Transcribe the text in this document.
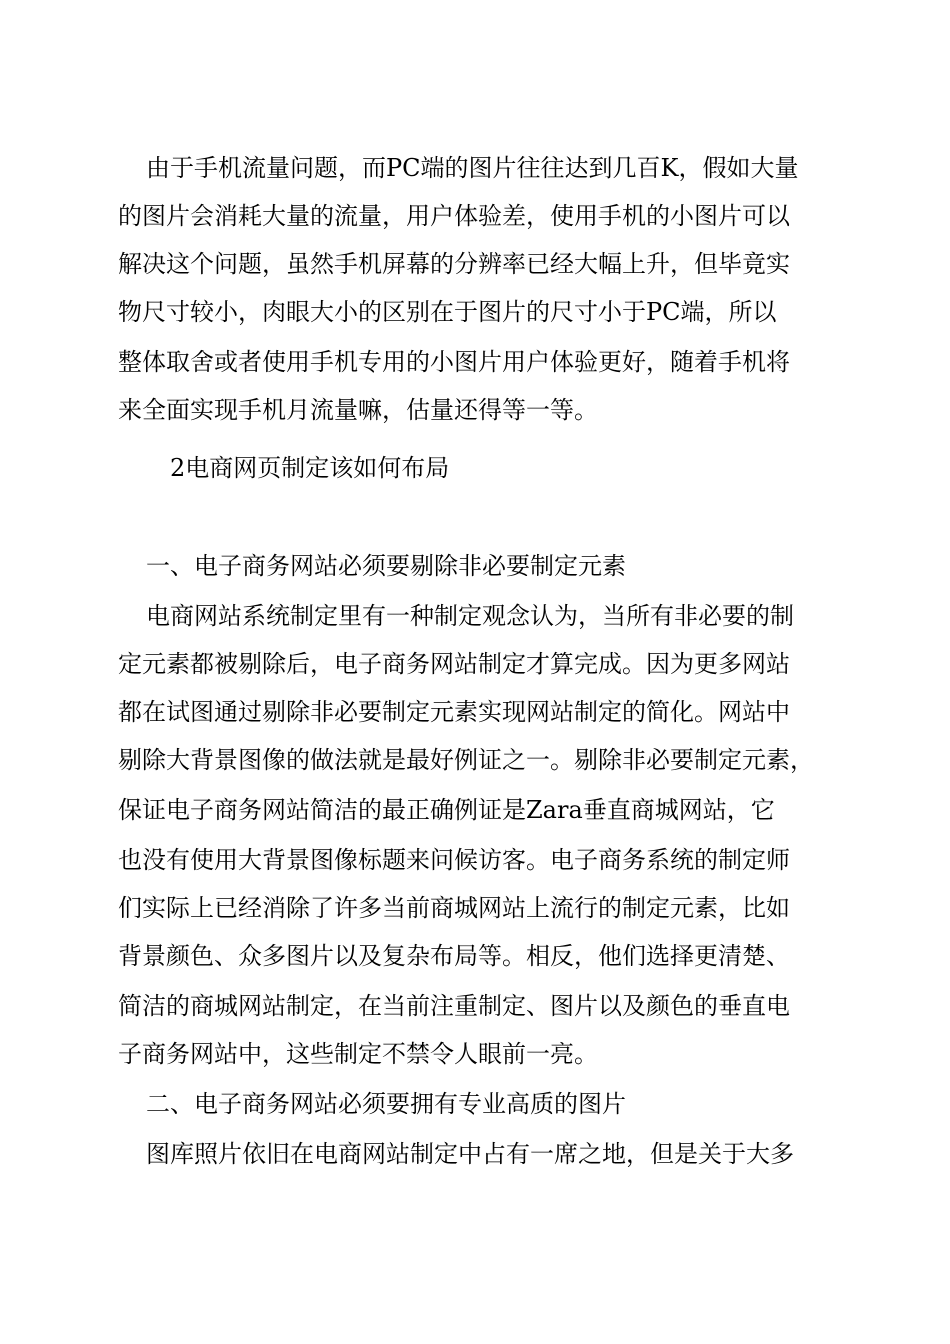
由于手机流量问题，而PC端的图片往往达到几百K，假如大量
的图片会消耗大量的流量，用户体验差，使用手机的小图片可以
解决这个问题，虽然手机屏幕的分辨率已经大幅上升，但毕竟实
物尺寸较小，肉眼大小的区别在于图片的尺寸小于PC端，所以
整体取舍或者使用手机专用的小图片用户体验更好，随着手机将
来全面实现手机月流量嘛，估量还得等一等。
2电商网页制定该如何布局
一、电子商务网站必须要剔除非必要制定元素
电商网站系统制定里有一种制定观念认为，当所有非必要的制
定元素都被剔除后，电子商务网站制定才算完成。因为更多网站
都在试图通过剔除非必要制定元素实现网站制定的简化。网站中
剔除大背景图像的做法就是最好例证之一。剔除非必要制定元素，
保证电子商务网站简洁的最正确例证是Zara垂直商城网站，它
也没有使用大背景图像标题来问候访客。电子商务系统的制定师
们实际上已经消除了许多当前商城网站上流行的制定元素，比如
背景颜色、众多图片以及复杂布局等。相反，他们选择更清楚、
简洁的商城网站制定，在当前注重制定、图片以及颜色的垂直电
子商务网站中，这些制定不禁令人眼前一亮。
二、电子商务网站必须要拥有专业高质的图片
图库照片依旧在电商网站制定中占有一席之地，但是关于大多
